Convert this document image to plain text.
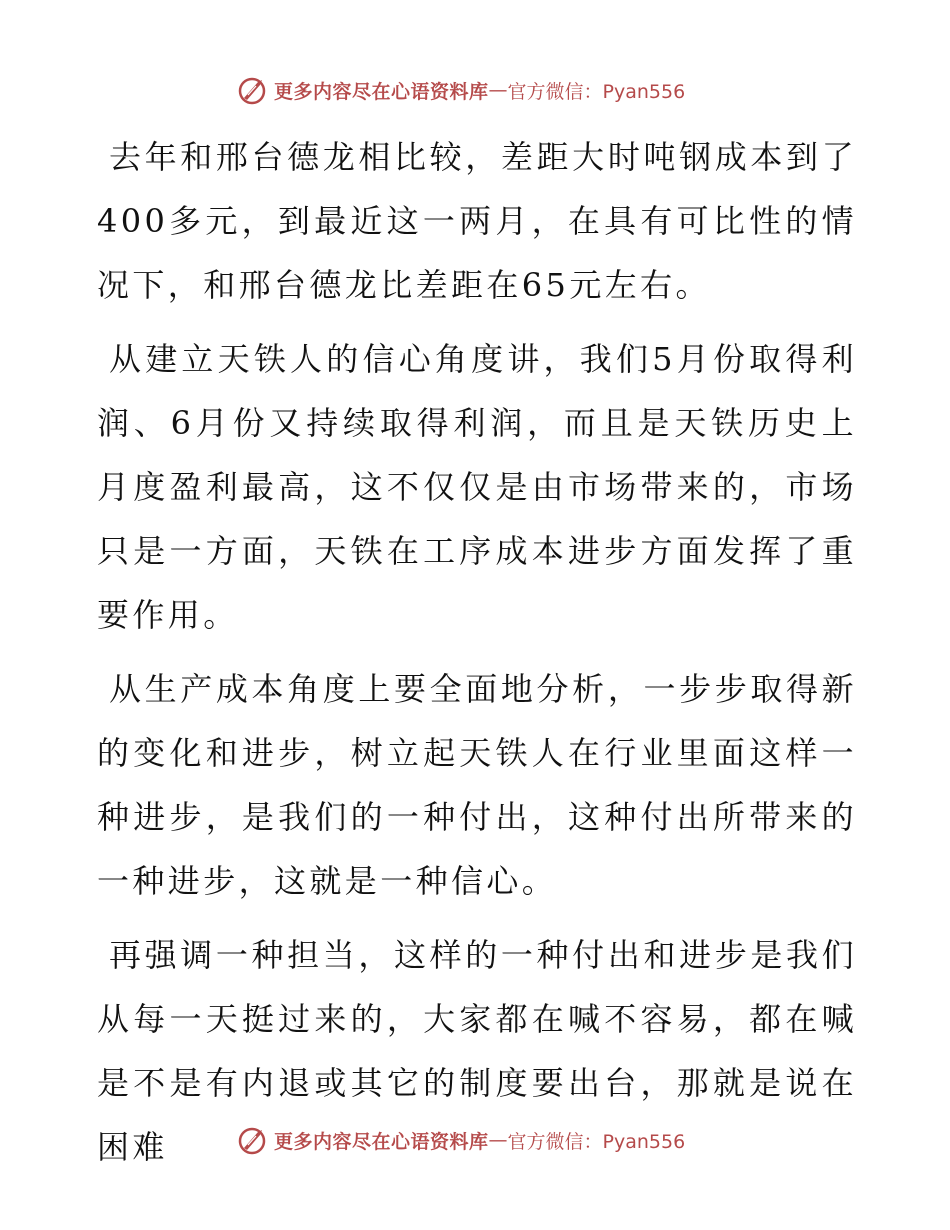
更多内容尽在心语资料库 — 官方微信：Pyan556

去年和邢台德龙相比较，差距大时吨钢成本到了400多元，到最近这一两月，在具有可比性的情况下，和邢台德龙比差距在65元左右。

从建立天铁人的信心角度讲，我们5月份取得利润、6月份又持续取得利润，而且是天铁历史上月度盈利最高，这不仅仅是由市场带来的，市场只是一方面，天铁在工序成本进步方面发挥了重要作用。

从生产成本角度上要全面地分析，一步步取得新的变化和进步，树立起天铁人在行业里面这样一种进步，是我们的一种付出，这种付出所带来的一种进步，这就是一种信心。

再强调一种担当，这样的一种付出和进步是我们从每一天挺过来的，大家都在喊不容易，都在喊是不是有内退或其它的制度要出台，那就是说在困难	更多内容尽在心语资料库 — 官方微信：Pyan556
